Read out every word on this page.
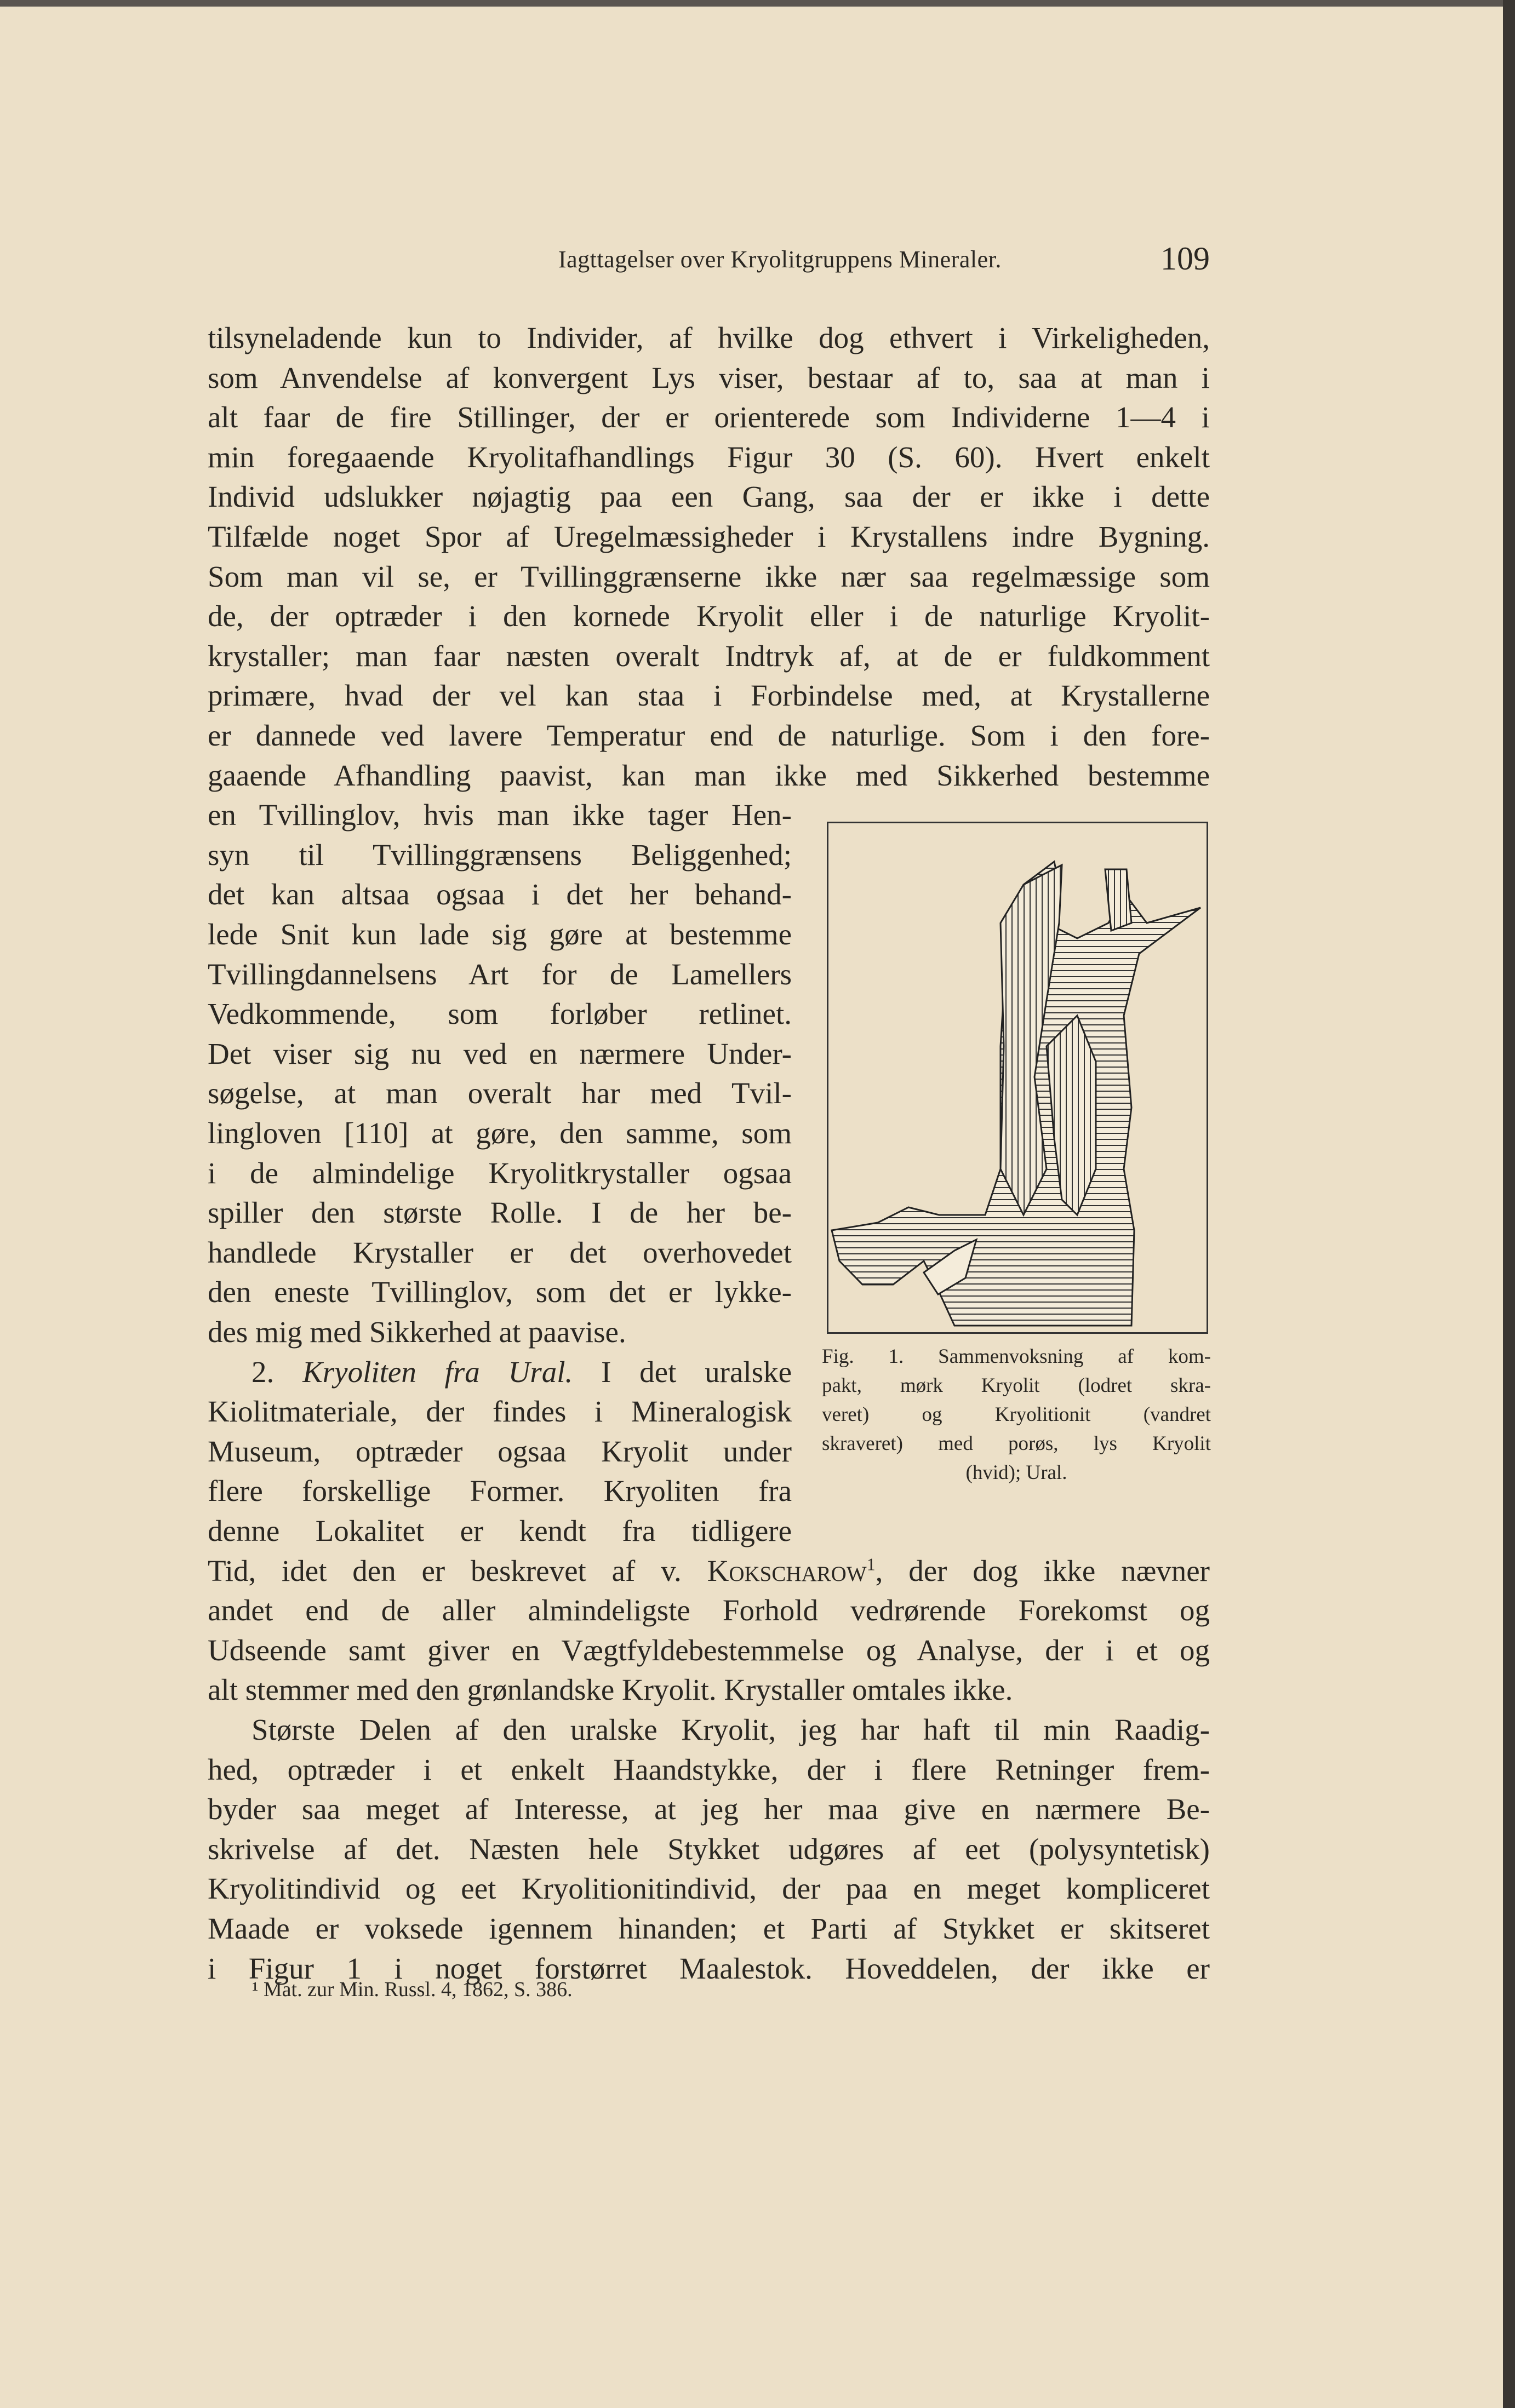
Iagttagelser over Kryolitgruppens Mineraler.	109
tilsyneladende kun to Individer, af hvilke dog ethvert i Virkeligheden,
som Anvendelse af konvergent Lys viser, bestaar af to, saa at man i
alt faar de fire Stillinger, der er orienterede som Individerne 1—4 i
min foregaaende Kryolitafhandlings Figur 30 (S. 60). Hvert enkelt
Individ udslukker nøjagtig paa een Gang, saa der er ikke i dette
Tilfælde noget Spor af Uregelmæssigheder i Krystallens indre Bygning.
Som man vil se, er Tvillinggrænserne ikke nær saa regelmæssige som
de, der optræder i den kornede Kryolit eller i de naturlige Kryolit-
krystaller; man faar næsten overalt Indtryk af, at de er fuldkomment
primære, hvad der vel kan staa i Forbindelse med, at Krystallerne
er dannede ved lavere Temperatur end de naturlige. Som i den fore-
gaaende Afhandling paavist, kan man ikke med Sikkerhed bestemme
en Tvillinglov, hvis man ikke tager Hen-
syn til Tvillinggrænsens Beliggenhed;
det kan altsaa ogsaa i det her behand-
lede Snit kun lade sig gøre at bestemme
Tvillingdannelsens Art for de Lamellers
Vedkommende, som forløber retlinet.
Det viser sig nu ved en nærmere Under-
søgelse, at man overalt har med Tvil-
lingloven [110] at gøre, den samme, som
i de almindelige Kryolitkrystaller ogsaa
spiller den største Rolle. I de her be-
handlede Krystaller er det overhovedet
den eneste Tvillinglov, som det er lykke-
des mig med Sikkerhed at paavise.
2. Kryoliten fra Ural. I det uralske
Kiolitmateriale, der findes i Mineralogisk
Museum, optræder ogsaa Kryolit under
flere forskellige Former. Kryoliten fra
denne Lokalitet er kendt fra tidligere
Tid, idet den er beskrevet af v. Kokscharow$^1$, der dog ikke nævner
andet end de aller almindeligste Forhold vedrørende Forekomst og
Udseende samt giver en Vægtfyldebestemmelse og Analyse, der i et og
alt stemmer med den grønlandske Kryolit. Krystaller omtales ikke.
Største Delen af den uralske Kryolit, jeg har haft til min Raadig-
hed, optræder i et enkelt Haandstykke, der i flere Retninger frem-
byder saa meget af Interesse, at jeg her maa give en nærmere Be-
skrivelse af det. Næsten hele Stykket udgøres af eet (polysyntetisk)
Kryolitindivid og eet Kryolitionitindivid, der paa en meget kompliceret
Maade er voksede igennem hinanden; et Parti af Stykket er skitseret
i Figur 1 i noget forstørret Maalestok. Hoveddelen, der ikke er
Fig. 1. Sammenvoksning af kom-
pakt, mørk Kryolit (lodret skra-
veret) og Kryolitionit (vandret
skraveret) med porøs, lys Kryolit
(hvid); Ural.
¹ Mat. zur Min. Russl. 4, 1862, S. 386.
